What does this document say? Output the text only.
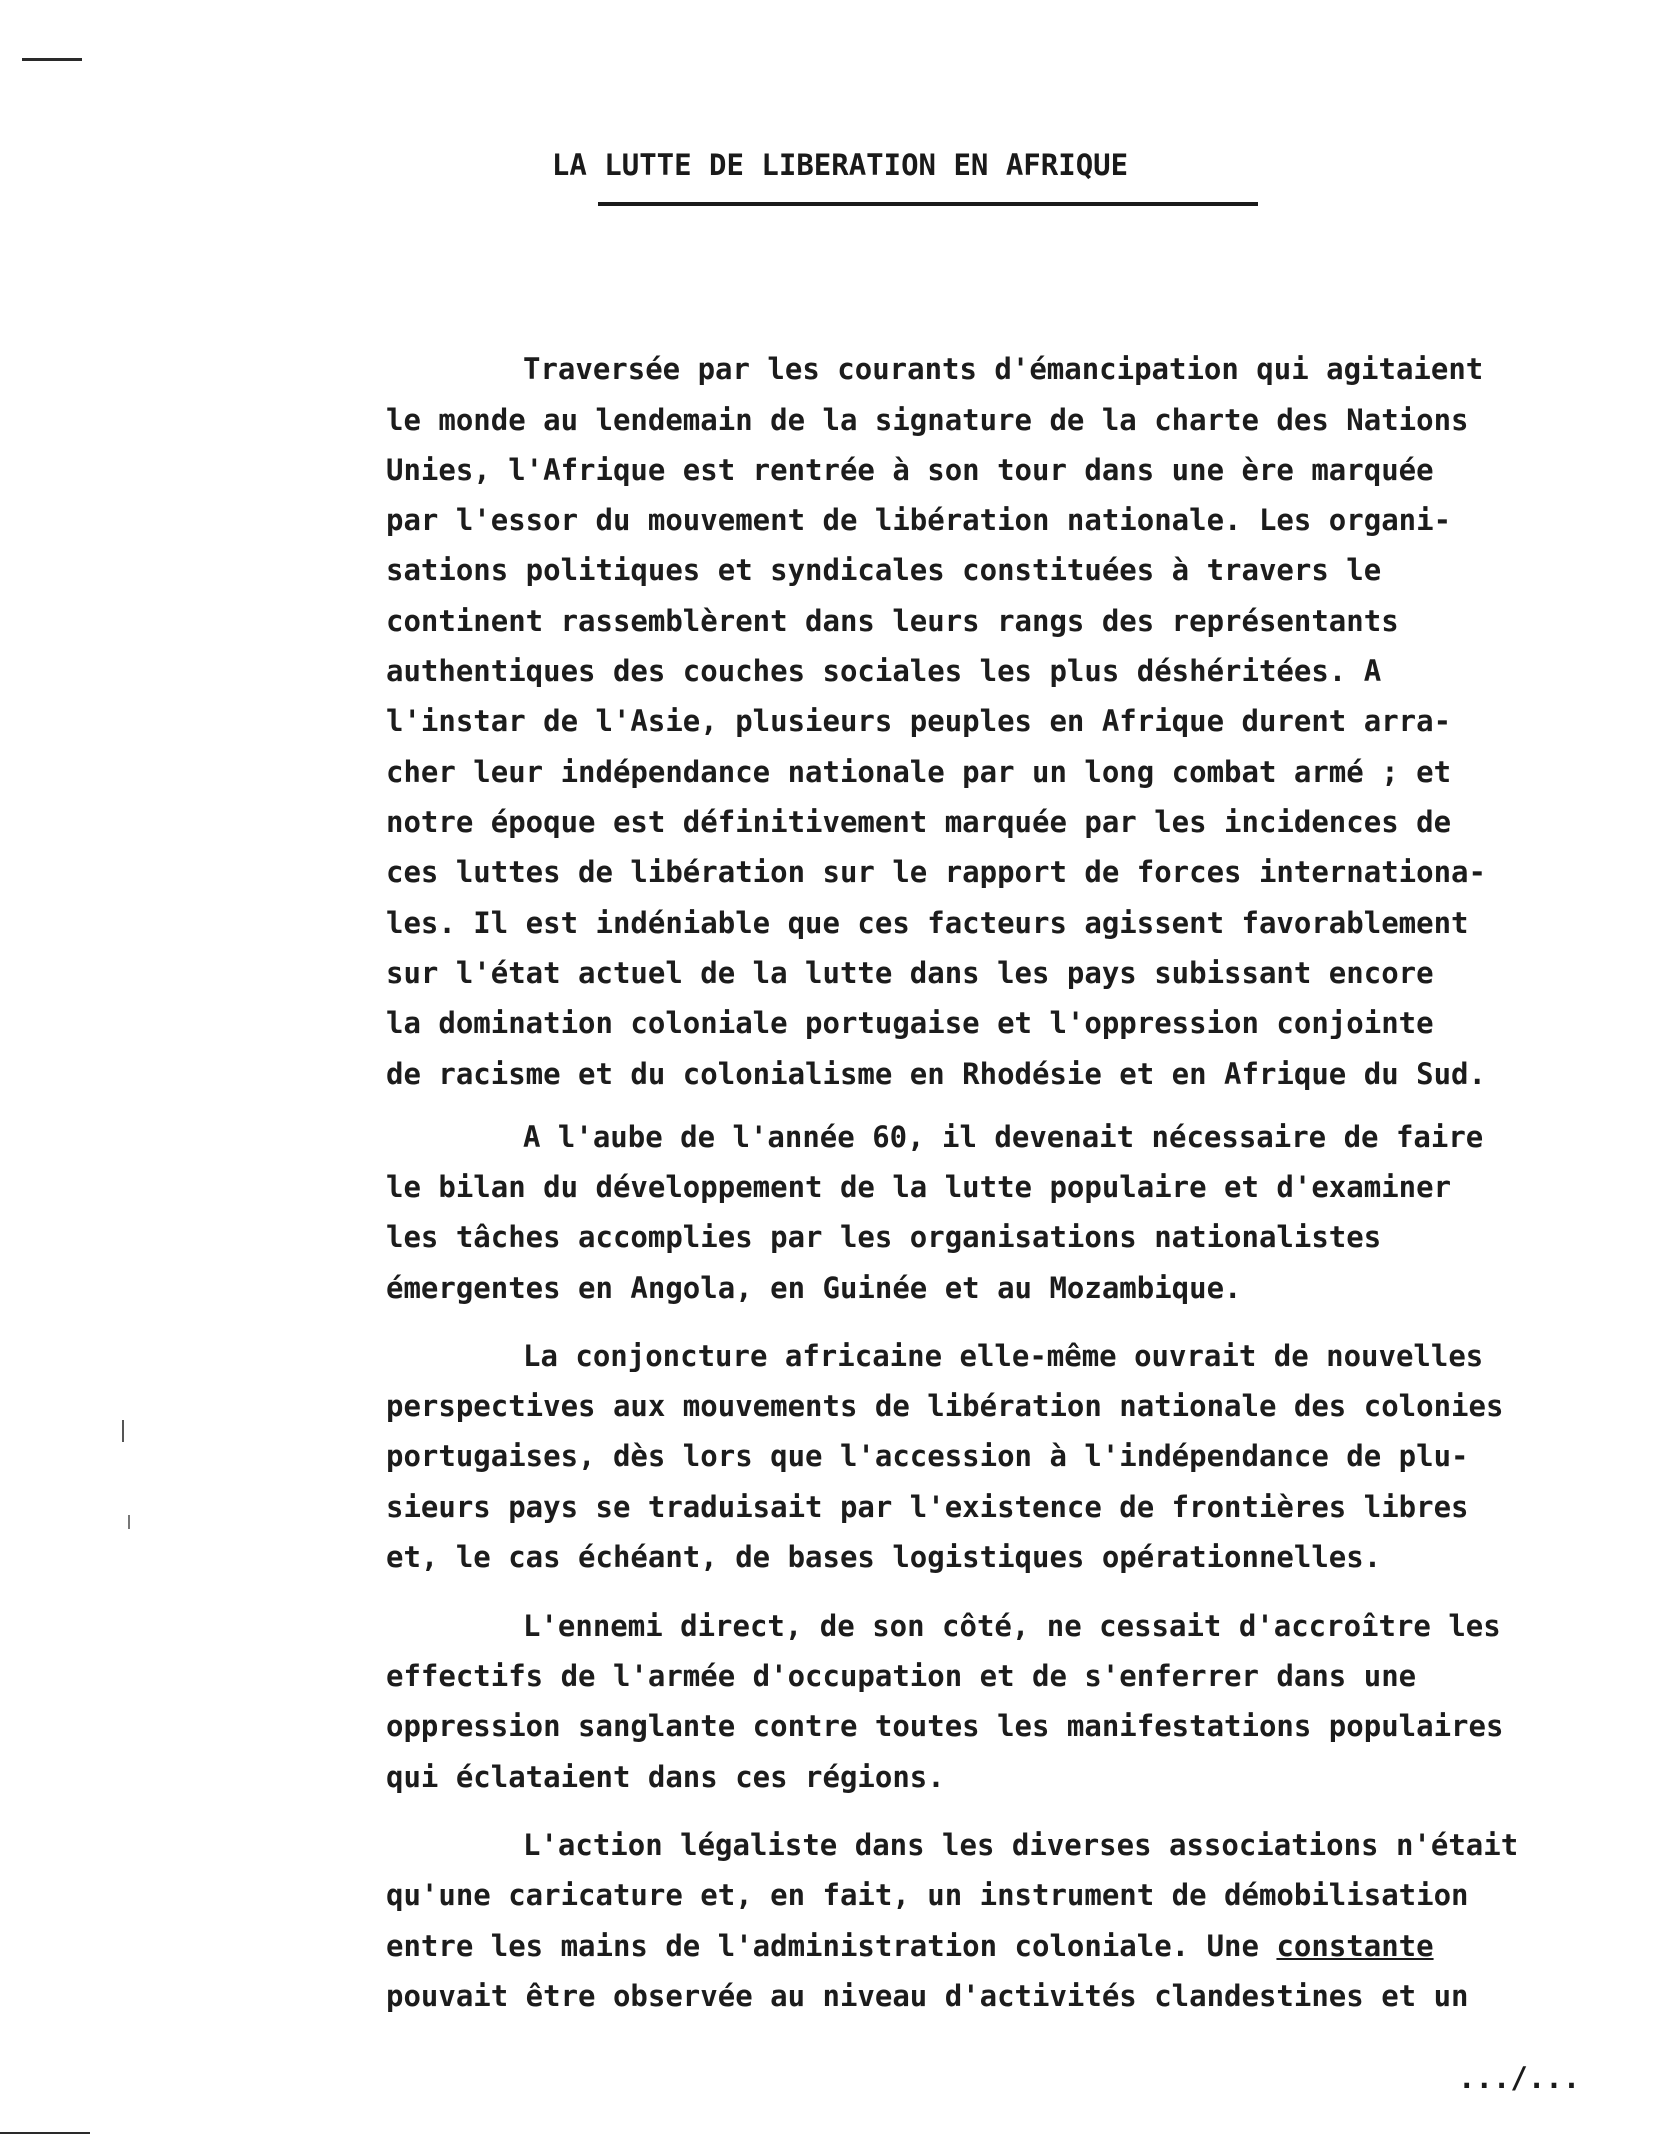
LA LUTTE DE LIBERATION EN AFRIQUE

Traversée par les courants d'émancipation qui agitaient

le monde au lendemain de la signature de la charte des Nations

Unies, l'Afrique est rentrée à son tour dans une ère marquée

par l'essor du mouvement de libération nationale. Les organi-

sations politiques et syndicales constituées à travers le

continent rassemblèrent dans leurs rangs des représentants

authentiques des couches sociales les plus déshéritées. A

l'instar de l'Asie, plusieurs peuples en Afrique durent arra-

cher leur indépendance nationale par un long combat armé ; et

notre époque est définitivement marquée par les incidences de

ces luttes de libération sur le rapport de forces internationa-

les. Il est indéniable que ces facteurs agissent favorablement

sur l'état actuel de la lutte dans les pays subissant encore

la domination coloniale portugaise et l'oppression conjointe

de racisme et du colonialisme en Rhodésie et en Afrique du Sud.

A l'aube de l'année 60, il devenait nécessaire de faire

le bilan du développement de la lutte populaire et d'examiner

les tâches accomplies par les organisations nationalistes

émergentes en Angola, en Guinée et au Mozambique.

La conjoncture africaine elle-même ouvrait de nouvelles

perspectives aux mouvements de libération nationale des colonies

portugaises, dès lors que l'accession à l'indépendance de plu-

sieurs pays se traduisait par l'existence de frontières libres

et, le cas échéant, de bases logistiques opérationnelles.

L'ennemi direct, de son côté, ne cessait d'accroître les

effectifs de l'armée d'occupation et de s'enferrer dans une

oppression sanglante contre toutes les manifestations populaires

qui éclataient dans ces régions.

L'action légaliste dans les diverses associations n'était

qu'une caricature et, en fait, un instrument de démobilisation

entre les mains de l'administration coloniale. Une constante

pouvait être observée au niveau d'activités clandestines et un

.../...
